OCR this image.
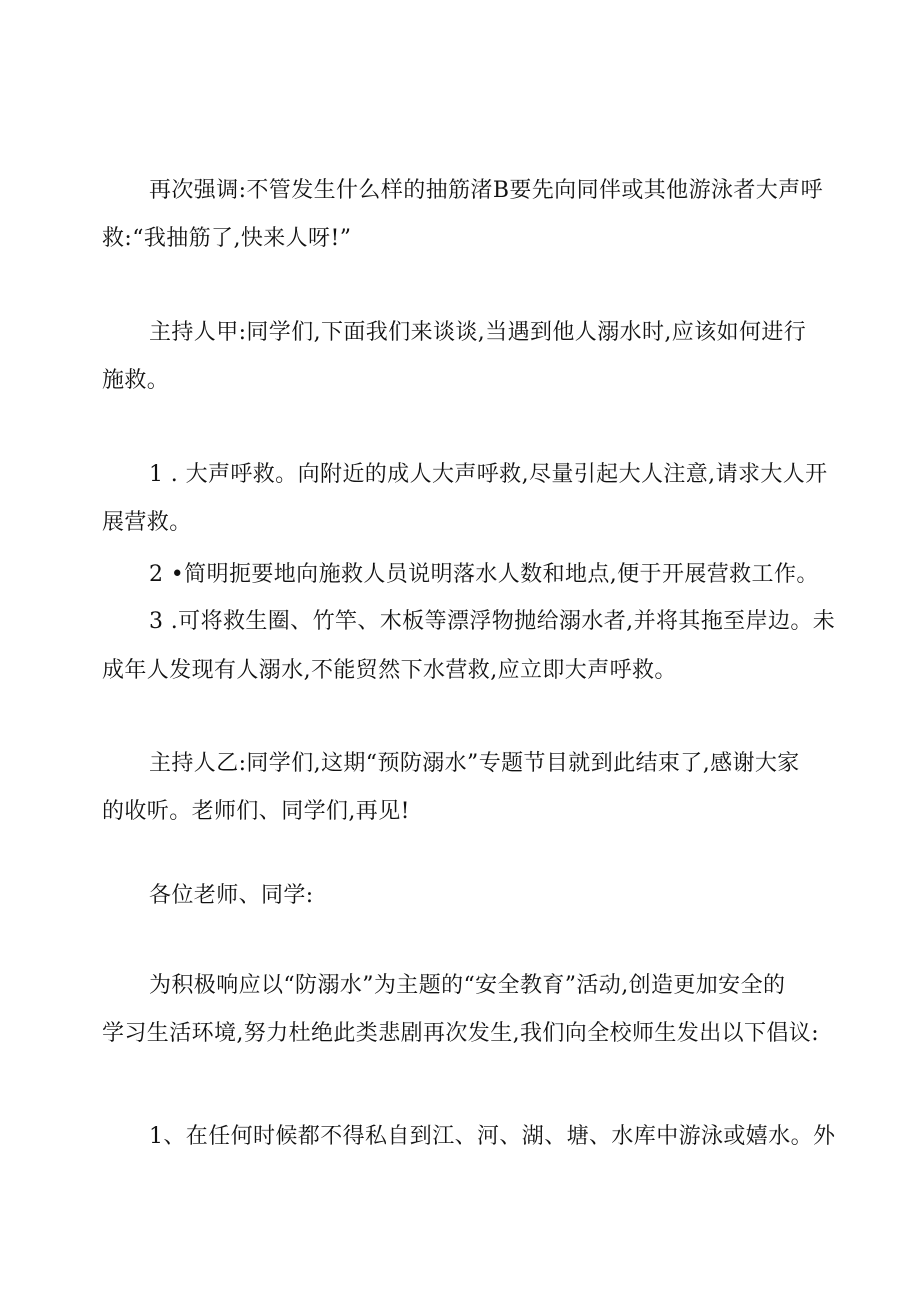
再次强调:不管发生什么样的抽筋渚B要先向同伴或其他游泳者大声呼
救:“我抽筋了,快来人呀!”
主持人甲:同学们,下面我们来谈谈,当遇到他人溺水时,应该如何进行
施救。
1 . 大声呼救。向附近的成人大声呼救,尽量引起大人注意,请求大人开
展营救。
2 •简明扼要地向施救人员说明落水人数和地点,便于开展营救工作。
3 .可将救生圈、竹竿、木板等漂浮物抛给溺水者,并将其拖至岸边。未
成年人发现有人溺水,不能贸然下水营救,应立即大声呼救。
主持人乙:同学们,这期“预防溺水”专题节目就到此结束了,感谢大家
的收听。老师们、同学们,再见!
各位老师、同学:
为积极响应以“防溺水”为主题的“安全教育”活动,创造更加安全的
学习生活环境,努力杜绝此类悲剧再次发生,我们向全校师生发出以下倡议:
1、在任何时候都不得私自到江、河、湖、塘、水库中游泳或嬉水。外
